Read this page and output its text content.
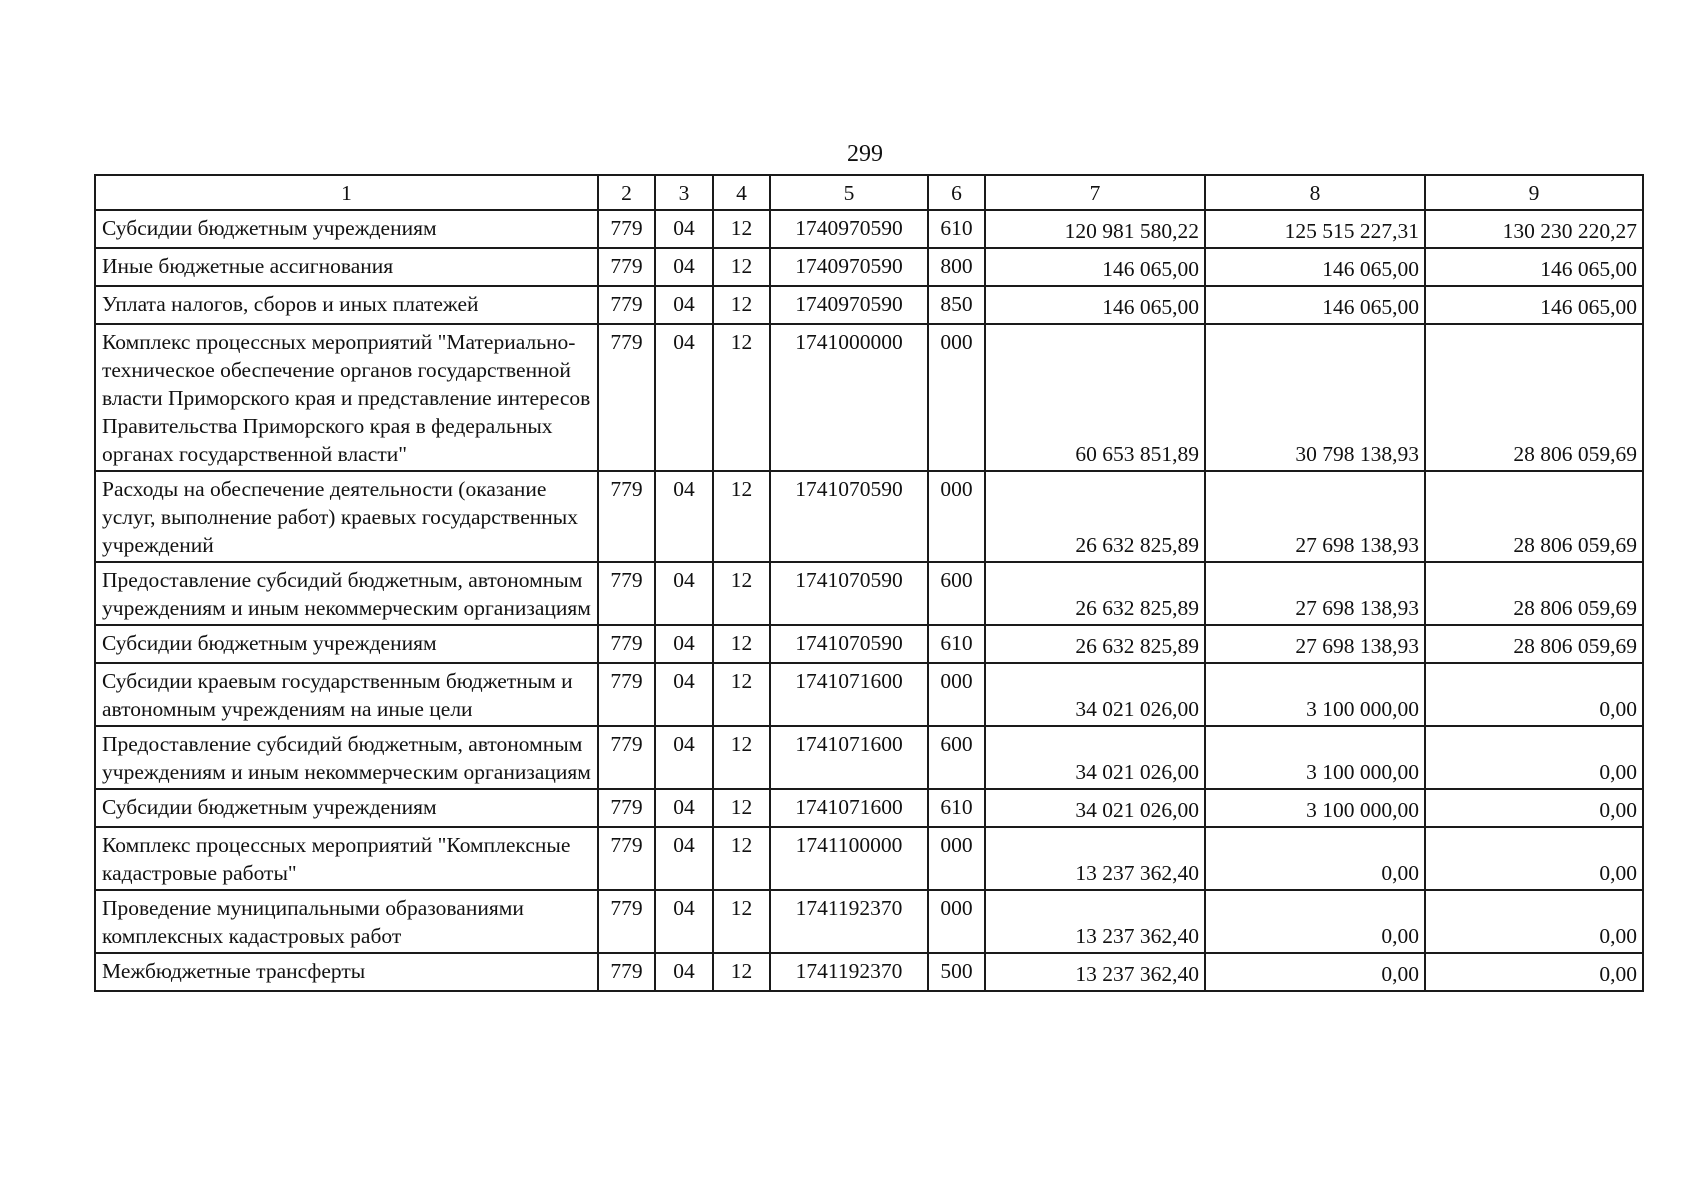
299
1	2	3	4	5	6	7	8	9
Субсидии бюджетным учреждениям	779	04	12	1740970590	610	120 981 580,22	125 515 227,31	130 230 220,27
Иные бюджетные ассигнования	779	04	12	1740970590	800	146 065,00	146 065,00	146 065,00
Уплата налогов, сборов и иных платежей	779	04	12	1740970590	850	146 065,00	146 065,00	146 065,00
Комплекс процессных мероприятий "Материально-техническое обеспечение органов государственной власти Приморского края и представление интересов Правительства Приморского края в федеральных органах государственной власти"	779	04	12	1741000000	000	60 653 851,89	30 798 138,93	28 806 059,69
Расходы на обеспечение деятельности (оказание услуг, выполнение работ) краевых государственных учреждений	779	04	12	1741070590	000	26 632 825,89	27 698 138,93	28 806 059,69
Предоставление субсидий бюджетным, автономным учреждениям и иным некоммерческим организациям	779	04	12	1741070590	600	26 632 825,89	27 698 138,93	28 806 059,69
Субсидии бюджетным учреждениям	779	04	12	1741070590	610	26 632 825,89	27 698 138,93	28 806 059,69
Субсидии краевым государственным бюджетным и автономным учреждениям на иные цели	779	04	12	1741071600	000	34 021 026,00	3 100 000,00	0,00
Предоставление субсидий бюджетным, автономным учреждениям и иным некоммерческим организациям	779	04	12	1741071600	600	34 021 026,00	3 100 000,00	0,00
Субсидии бюджетным учреждениям	779	04	12	1741071600	610	34 021 026,00	3 100 000,00	0,00
Комплекс процессных мероприятий "Комплексные кадастровые работы"	779	04	12	1741100000	000	13 237 362,40	0,00	0,00
Проведение муниципальными образованиями комплексных кадастровых работ	779	04	12	1741192370	000	13 237 362,40	0,00	0,00
Межбюджетные трансферты	779	04	12	1741192370	500	13 237 362,40	0,00	0,00
